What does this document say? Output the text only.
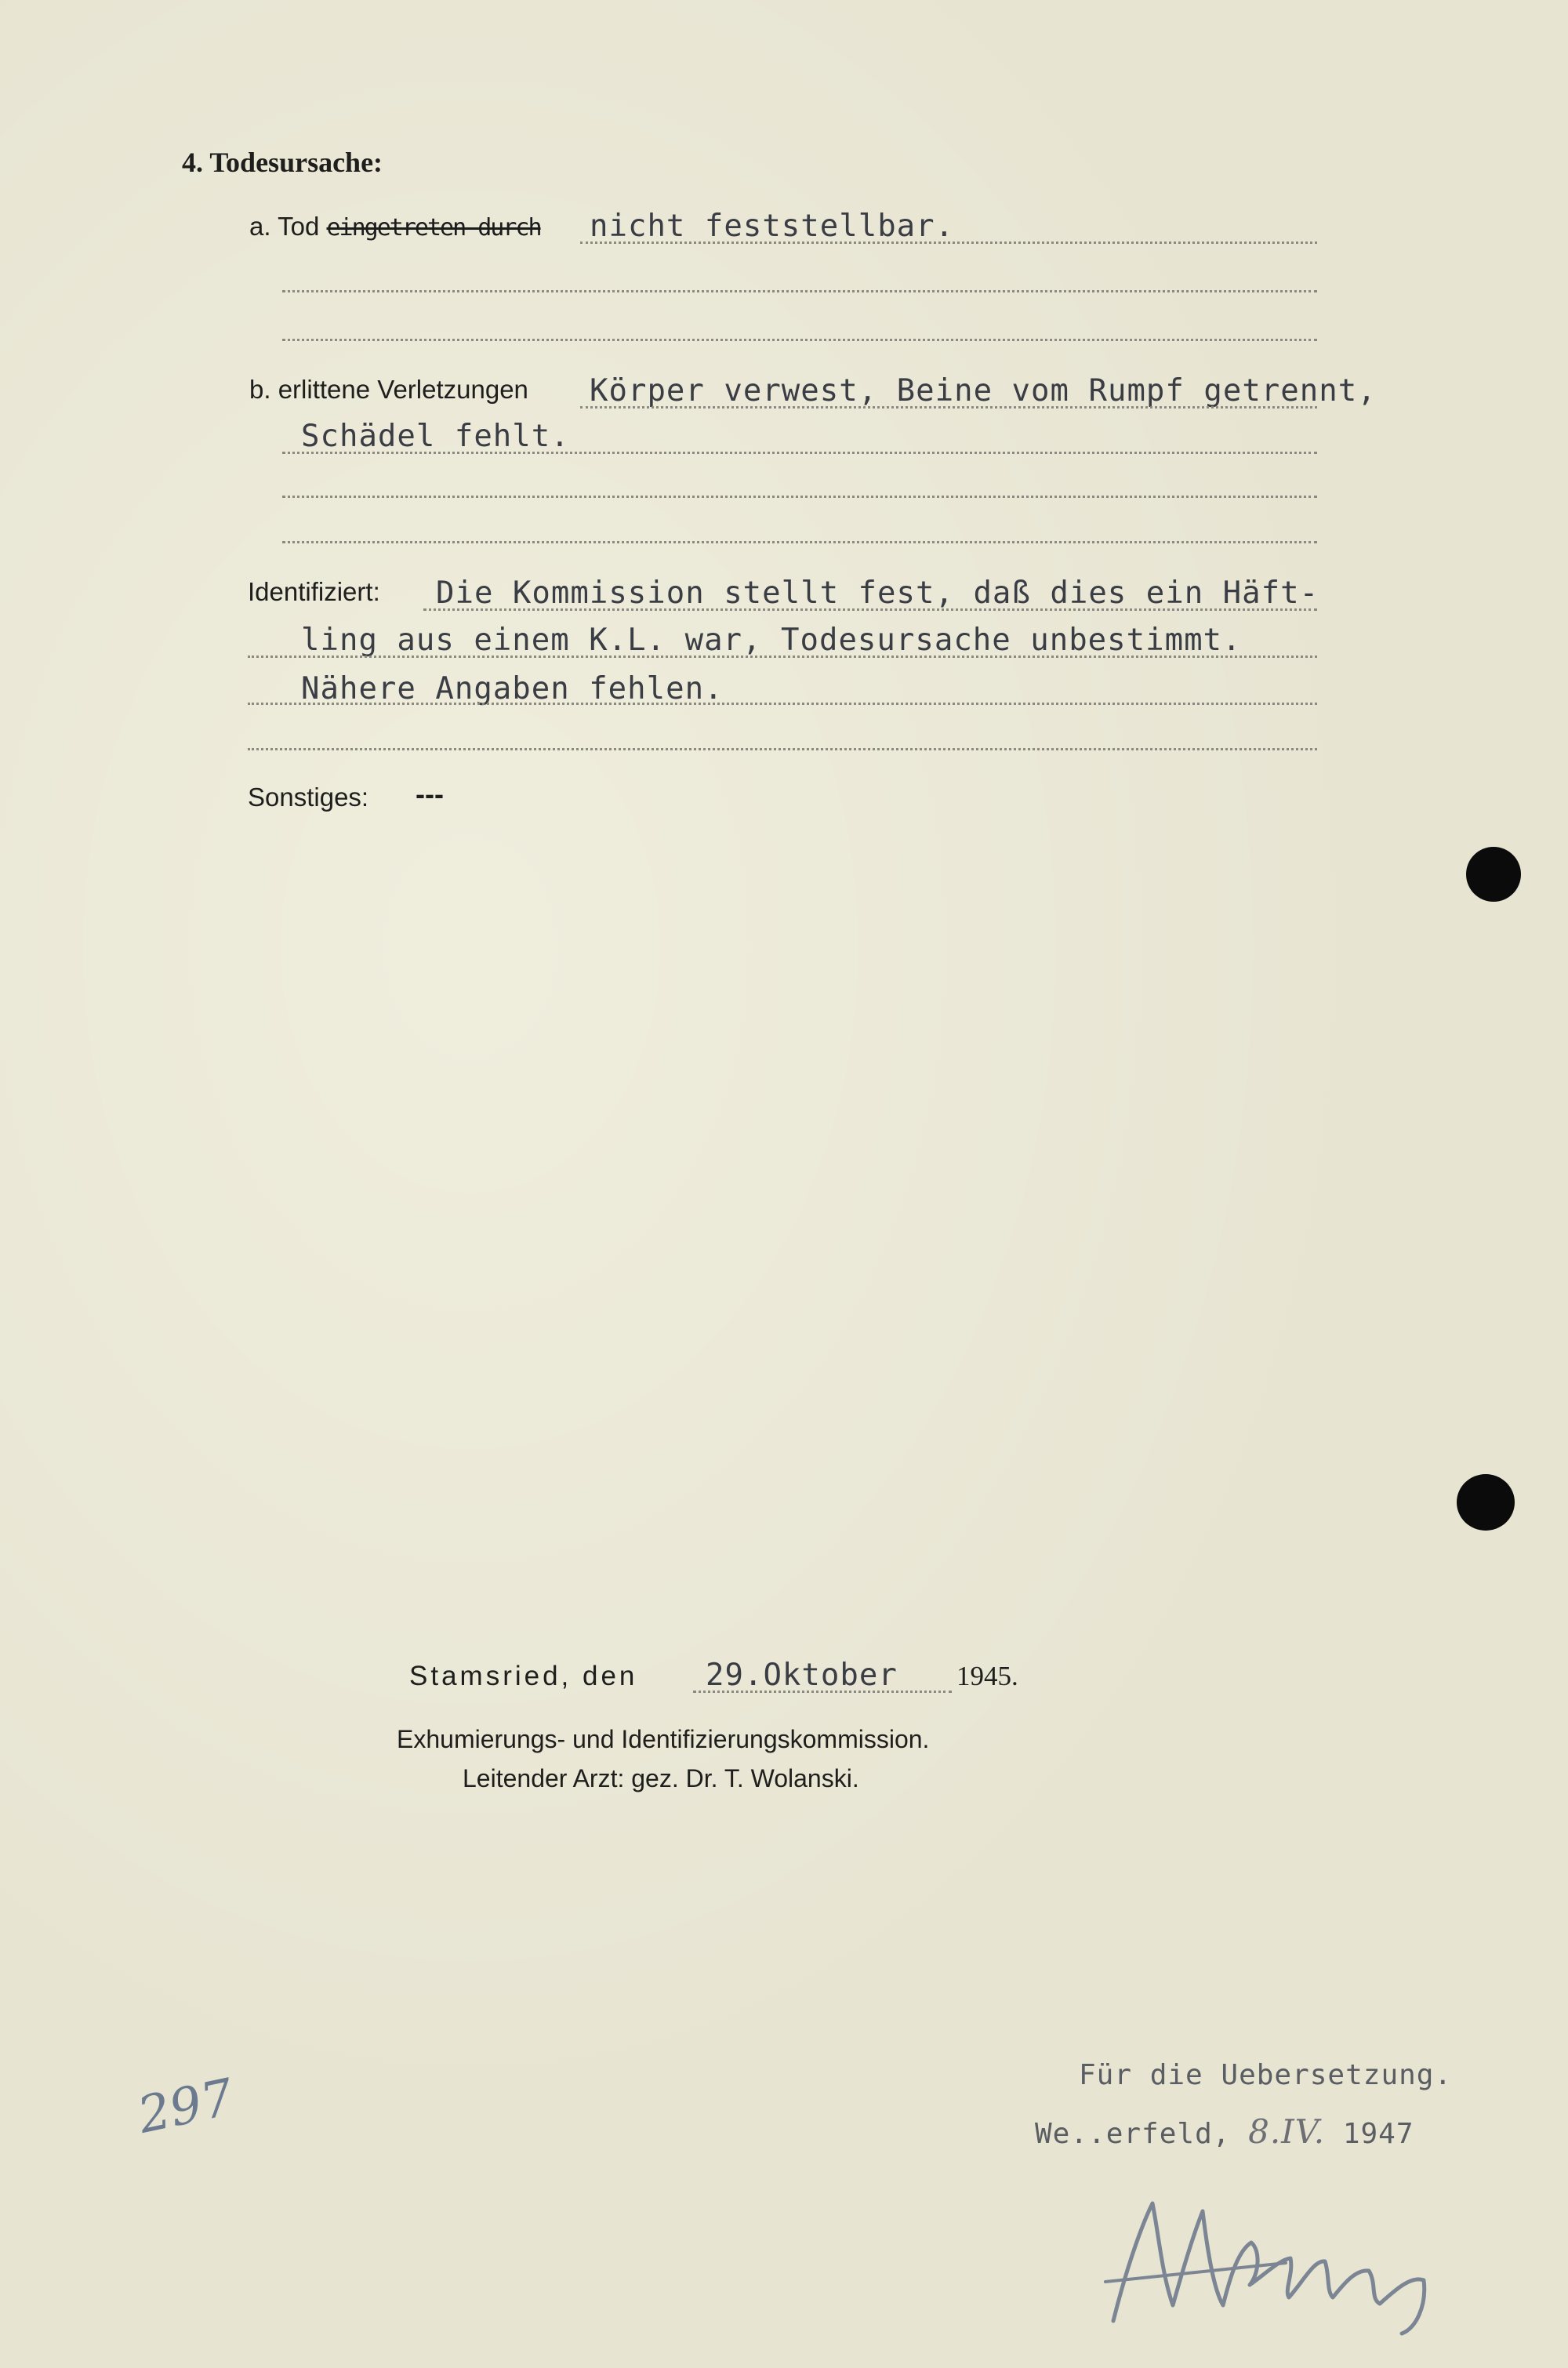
4. Todesursache:
a. Tod eingetreten durch nicht feststellbar.
b. erlittene Verletzungen Körper verwest, Beine vom Rumpf getrennt,
Schädel fehlt.
Identifiziert: Die Kommission stellt fest, daß dies ein Häft-
ling aus einem K.L. war, Todesursache unbestimmt.
Nähere Angaben fehlen.
Sonstiges: ---
Stamsried, den 29.Oktober 1945.
Exhumierungs- und Identifizierungskommission.
Leitender Arzt: gez. Dr. T. Wolanski.
297	Für die Uebersetzung.
We..erfeld, 8.IV. 1947
